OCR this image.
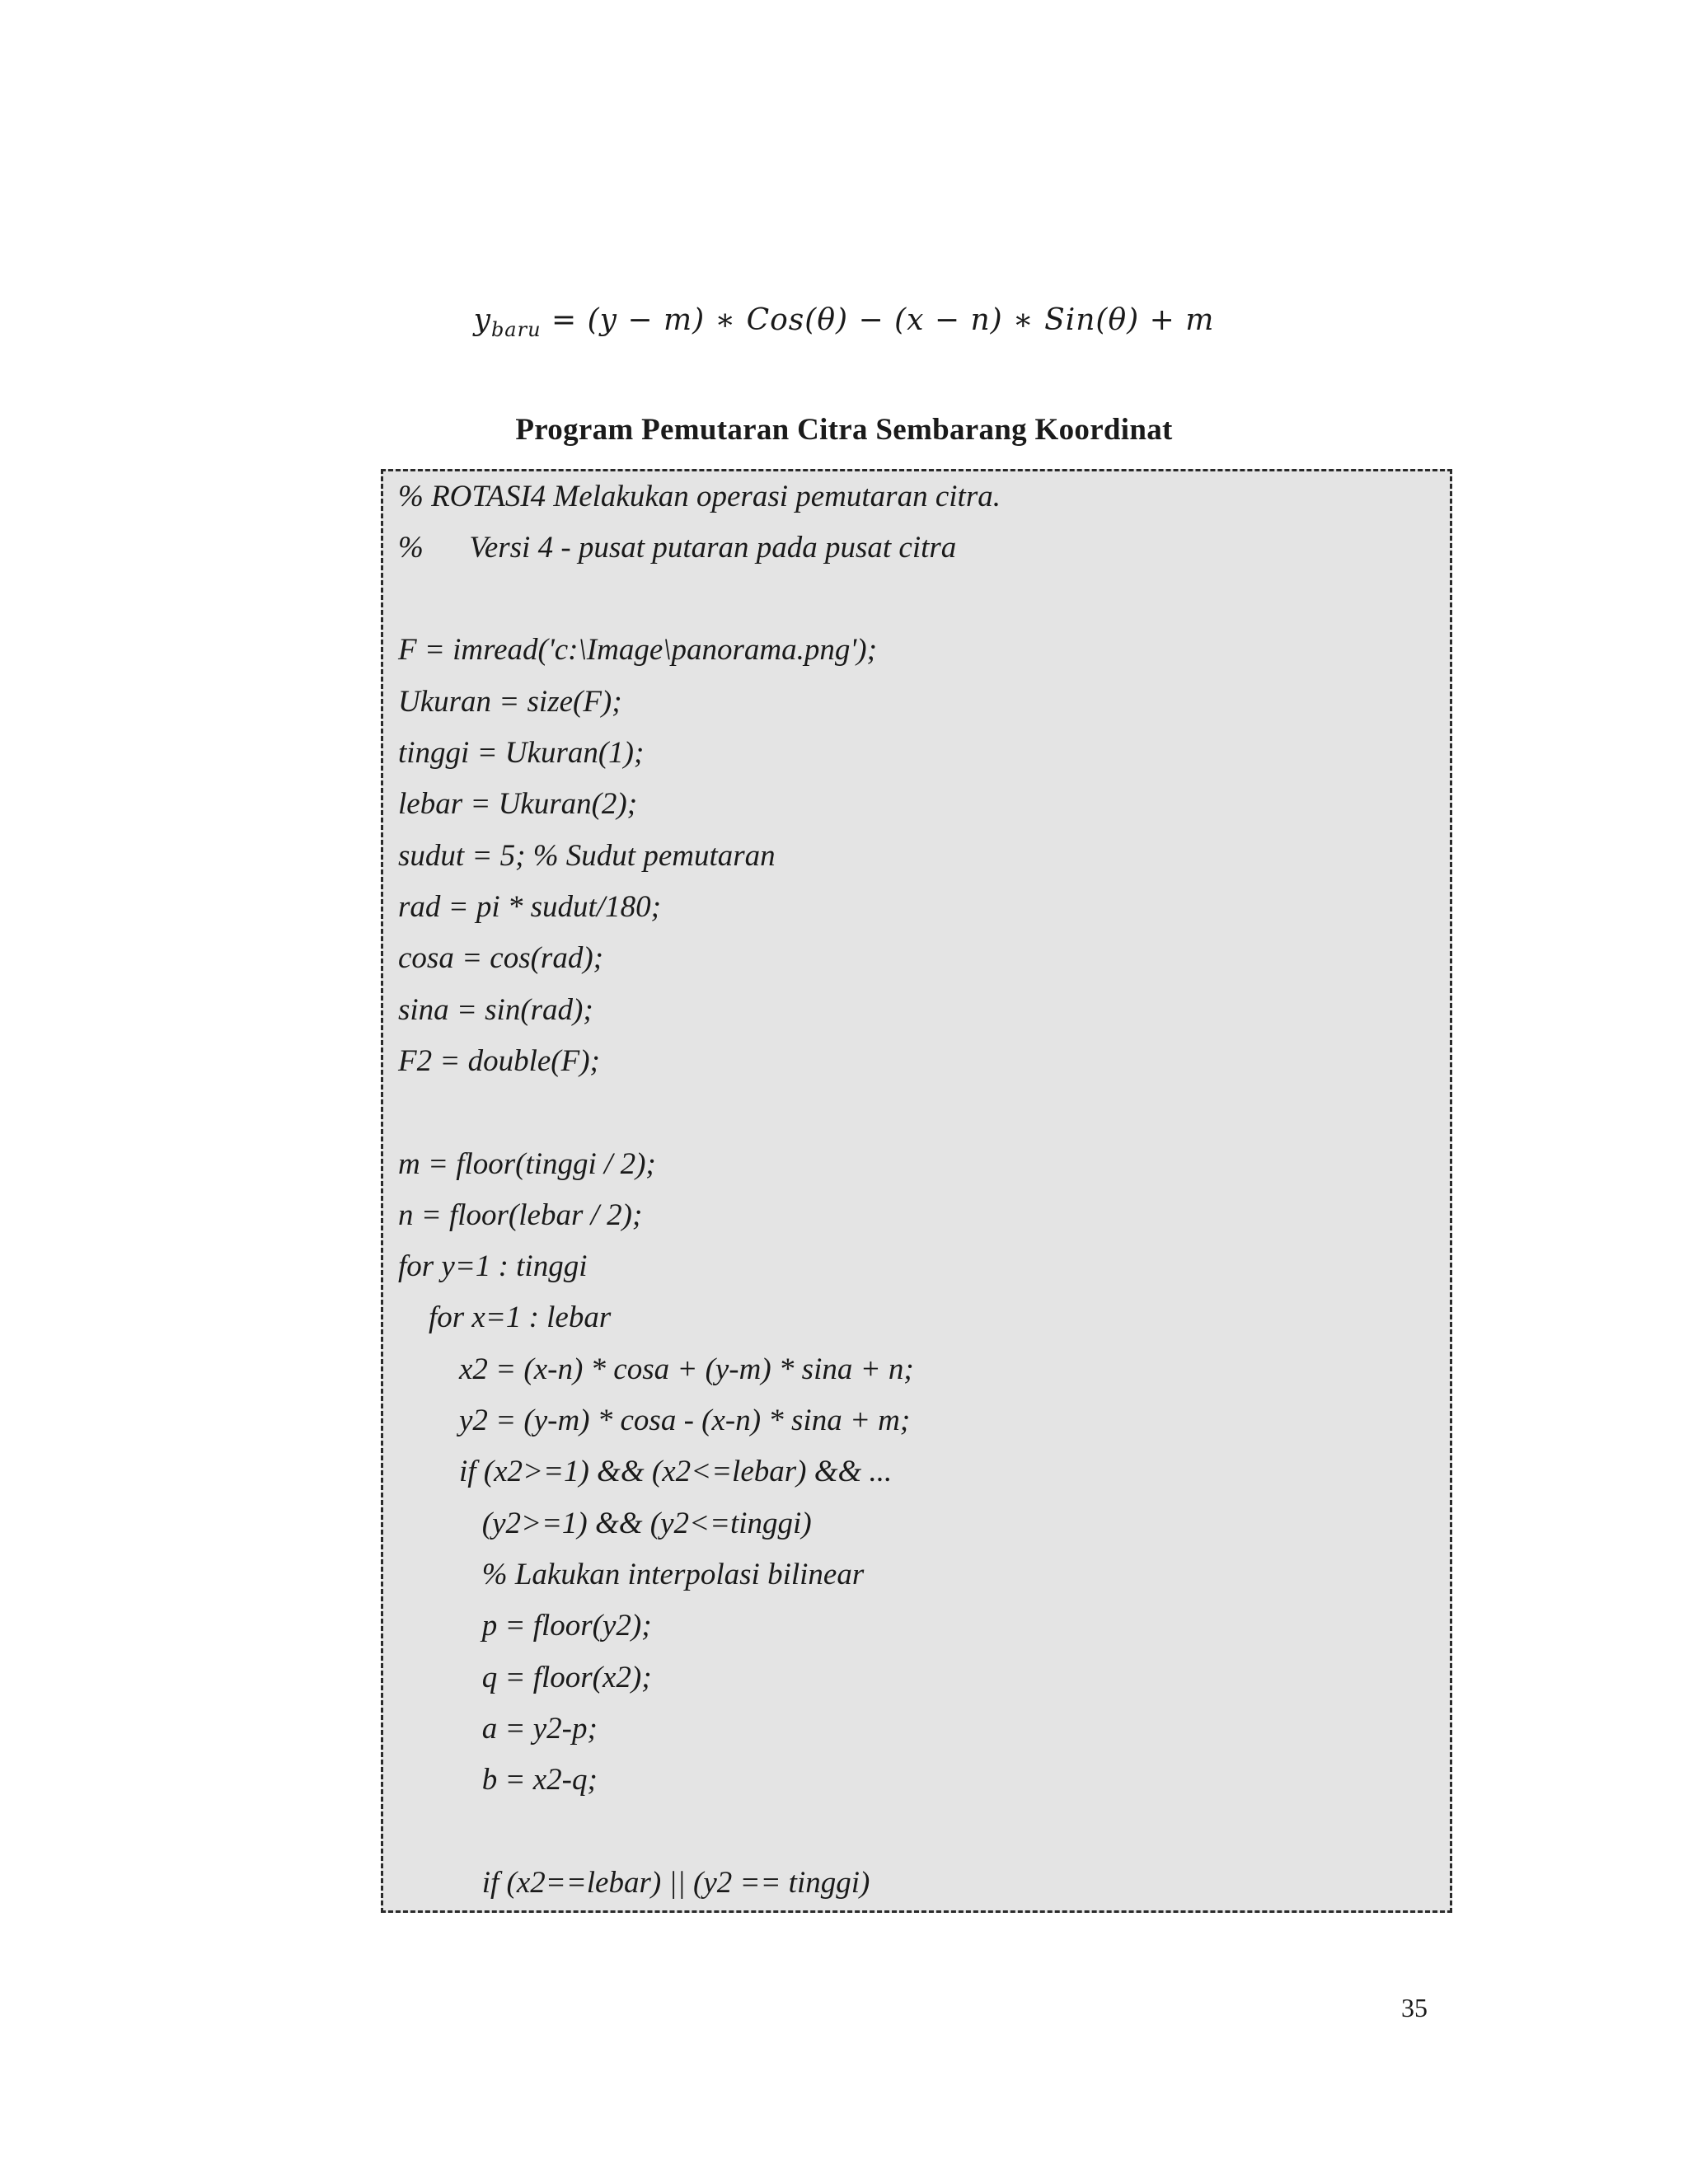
$y_{baru} = (y - m)$ ∗ Cos(θ) − (x − n) ∗ Sin(θ) + m
Program Pemutaran Citra Sembarang Koordinat
% ROTASI4 Melakukan operasi pemutaran citra.
%      Versi 4 - pusat putaran pada pusat citra
F = imread('c:\Image\panorama.png');
Ukuran = size(F);
tinggi = Ukuran(1);
lebar = Ukuran(2);
sudut = 5; % Sudut pemutaran
rad = pi * sudut/180;
cosa = cos(rad);
sina = sin(rad);
F2 = double(F);
m = floor(tinggi / 2);
n = floor(lebar / 2);
for y=1 : tinggi
for x=1 : lebar
x2 = (x-n) * cosa + (y-m) * sina + n;
y2 = (y-m) * cosa - (x-n) * sina + m;
if (x2>=1) && (x2<=lebar) && ...
(y2>=1) && (y2<=tinggi)
% Lakukan interpolasi bilinear
p = floor(y2);
q = floor(x2);
a = y2-p;
b = x2-q;
if (x2==lebar) || (y2 == tinggi)
35
